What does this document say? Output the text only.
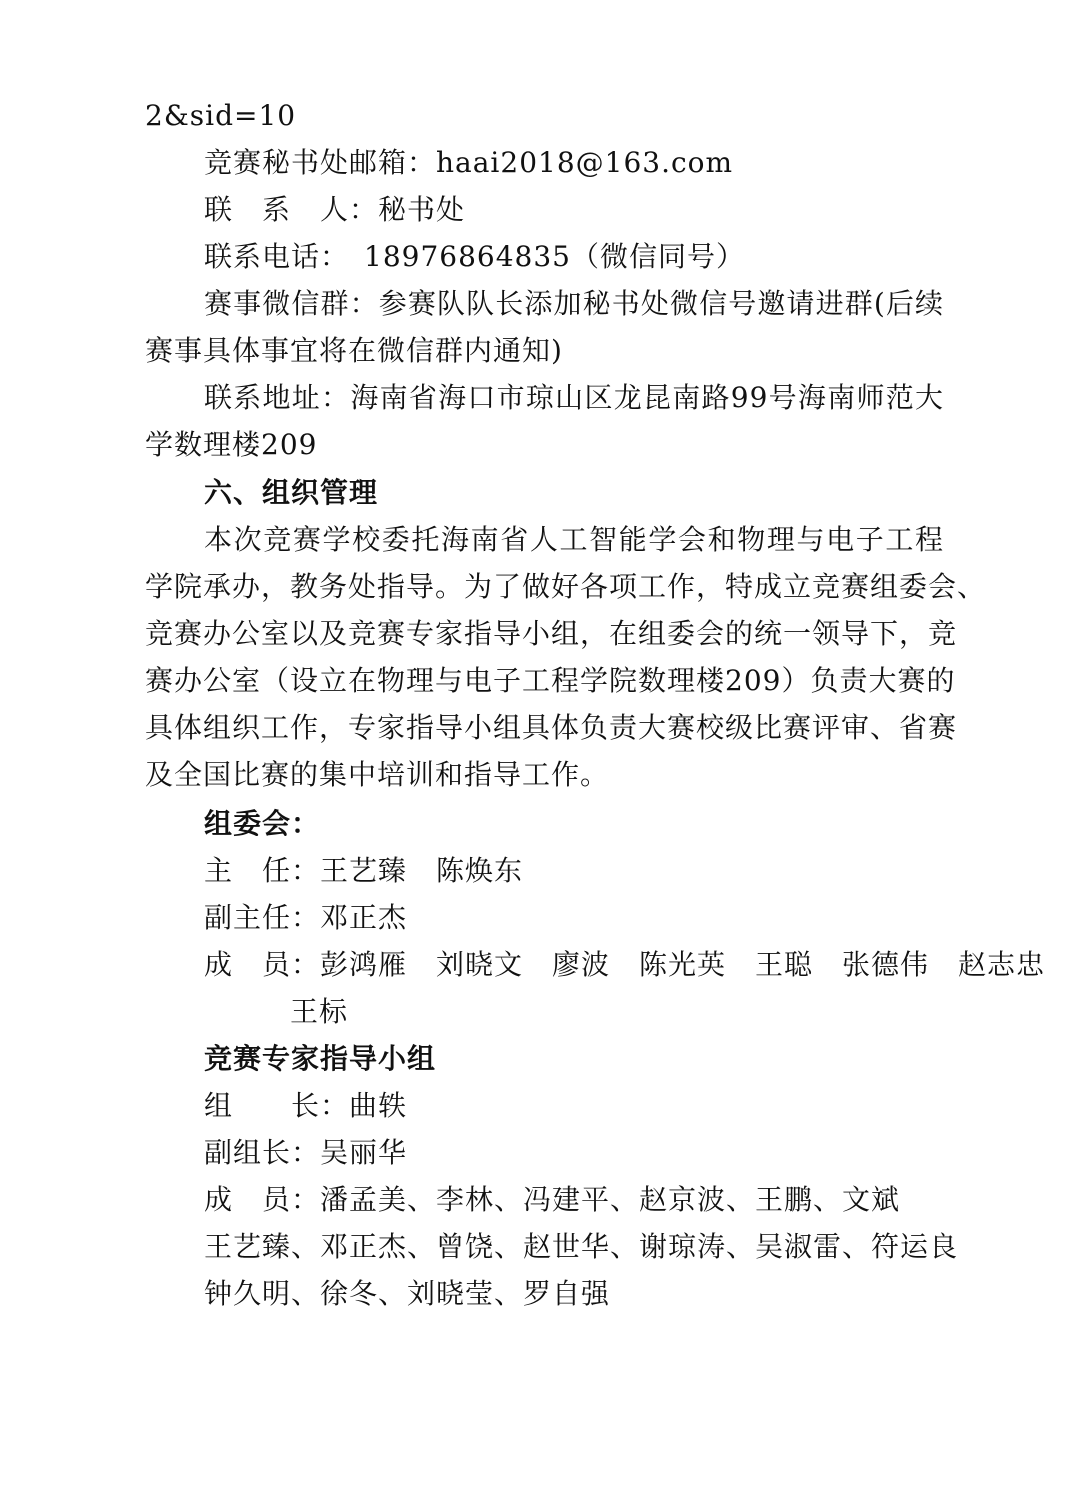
2&sid=10
竞赛秘书处邮箱：haai2018@163.com
联　系　人：秘书处
联系电话：　18976864835（微信同号）
赛事微信群：参赛队队长添加秘书处微信号邀请进群(后续
赛事具体事宜将在微信群内通知)
联系地址：海南省海口市琼山区龙昆南路99号海南师范大
学数理楼209
六、组织管理
本次竞赛学校委托海南省人工智能学会和物理与电子工程
学院承办，教务处指导。为了做好各项工作，特成立竞赛组委会、
竞赛办公室以及竞赛专家指导小组，在组委会的统一领导下，竞
赛办公室（设立在物理与电子工程学院数理楼209）负责大赛的
具体组织工作，专家指导小组具体负责大赛校级比赛评审、省赛
及全国比赛的集中培训和指导工作。
组委会：
主　任：王艺臻　陈焕东
副主任：邓正杰
成　员：彭鸿雁　刘晓文　廖波　陈光英　王聪　张德伟　赵志忠
王标
竞赛专家指导小组
组　　长：曲轶
副组长：吴丽华
成　员：潘孟美、李林、冯建平、赵京波、王鹏、文斌
王艺臻、邓正杰、曾饶、赵世华、谢琼涛、吴淑雷、符运良
钟久明、徐冬、刘晓莹、罗自强
